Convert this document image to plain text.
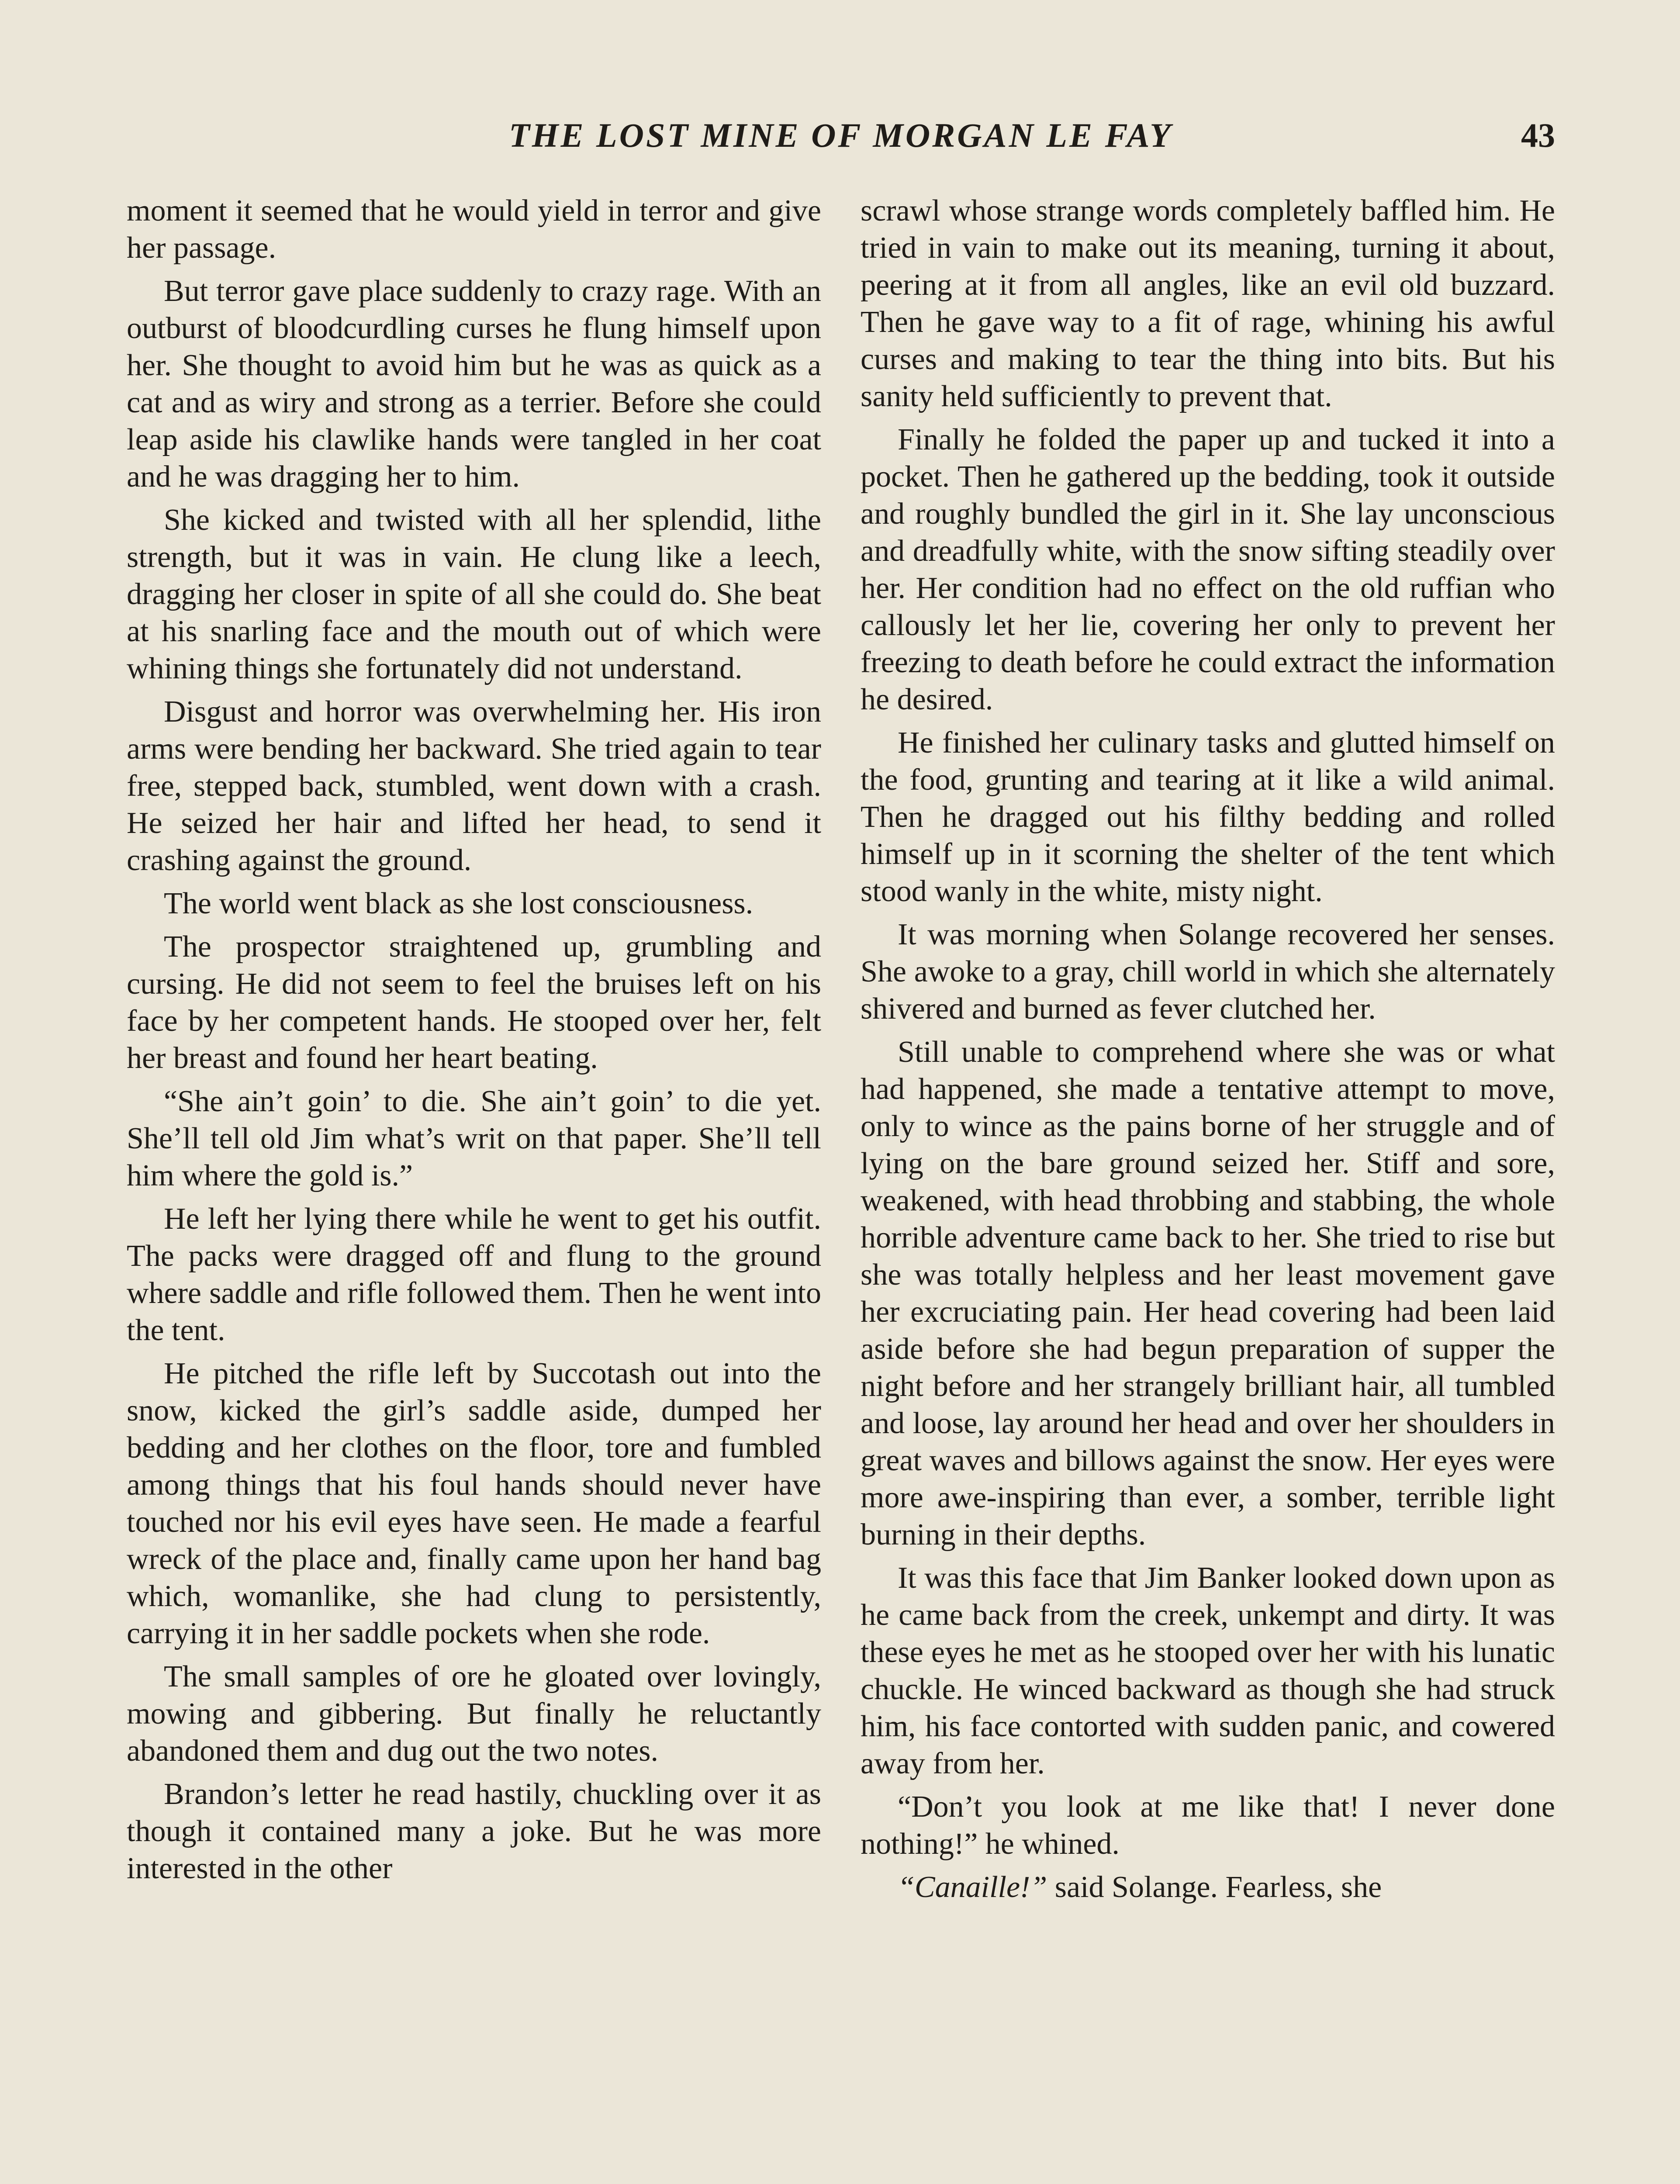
THE LOST MINE OF MORGAN LE FAY	43

moment it seemed that he would yield in terror and give her passage.

But terror gave place suddenly to crazy rage. With an outburst of bloodcurdling curses he flung himself upon her. She thought to avoid him but he was as quick as a cat and as wiry and strong as a terrier. Before she could leap aside his clawlike hands were tangled in her coat and he was dragging her to him.

She kicked and twisted with all her splendid, lithe strength, but it was in vain. He clung like a leech, dragging her closer in spite of all she could do. She beat at his snarling face and the mouth out of which were whining things she fortunately did not understand.

Disgust and horror was overwhelming her. His iron arms were bending her backward. She tried again to tear free, stepped back, stumbled, went down with a crash. He seized her hair and lifted her head, to send it crashing against the ground.

The world went black as she lost consciousness.

The prospector straightened up, grumbling and cursing. He did not seem to feel the bruises left on his face by her competent hands. He stooped over her, felt her breast and found her heart beating.

“She ain’t goin’ to die. She ain’t goin’ to die yet. She’ll tell old Jim what’s writ on that paper. She’ll tell him where the gold is.”

He left her lying there while he went to get his outfit. The packs were dragged off and flung to the ground where saddle and rifle followed them. Then he went into the tent.

He pitched the rifle left by Succotash out into the snow, kicked the girl’s saddle aside, dumped her bedding and her clothes on the floor, tore and fumbled among things that his foul hands should never have touched nor his evil eyes have seen. He made a fearful wreck of the place and, finally came upon her hand bag which, womanlike, she had clung to persistently, carrying it in her saddle pockets when she rode.

The small samples of ore he gloated over lovingly, mowing and gibbering. But finally he reluctantly abandoned them and dug out the two notes.

Brandon’s letter he read hastily, chuckling over it as though it contained many a joke. But he was more interested in the other

scrawl whose strange words completely baffled him. He tried in vain to make out its meaning, turning it about, peering at it from all angles, like an evil old buzzard. Then he gave way to a fit of rage, whining his awful curses and making to tear the thing into bits. But his sanity held sufficiently to prevent that.

Finally he folded the paper up and tucked it into a pocket. Then he gathered up the bedding, took it outside and roughly bundled the girl in it. She lay unconscious and dreadfully white, with the snow sifting steadily over her. Her condition had no effect on the old ruffian who callously let her lie, covering her only to prevent her freezing to death before he could extract the information he desired.

He finished her culinary tasks and glutted himself on the food, grunting and tearing at it like a wild animal. Then he dragged out his filthy bedding and rolled himself up in it scorning the shelter of the tent which stood wanly in the white, misty night.

It was morning when Solange recovered her senses. She awoke to a gray, chill world in which she alternately shivered and burned as fever clutched her.

Still unable to comprehend where she was or what had happened, she made a tentative attempt to move, only to wince as the pains borne of her struggle and of lying on the bare ground seized her. Stiff and sore, weakened, with head throbbing and stabbing, the whole horrible adventure came back to her. She tried to rise but she was totally helpless and her least movement gave her excruciating pain. Her head covering had been laid aside before she had begun preparation of supper the night before and her strangely brilliant hair, all tumbled and loose, lay around her head and over her shoulders in great waves and billows against the snow. Her eyes were more awe-inspiring than ever, a somber, terrible light burning in their depths.

It was this face that Jim Banker looked down upon as he came back from the creek, unkempt and dirty. It was these eyes he met as he stooped over her with his lunatic chuckle. He winced backward as though she had struck him, his face contorted with sudden panic, and cowered away from her.

“Don’t you look at me like that! I never done nothing!” he whined.

“Canaille!” said Solange. Fearless, she
